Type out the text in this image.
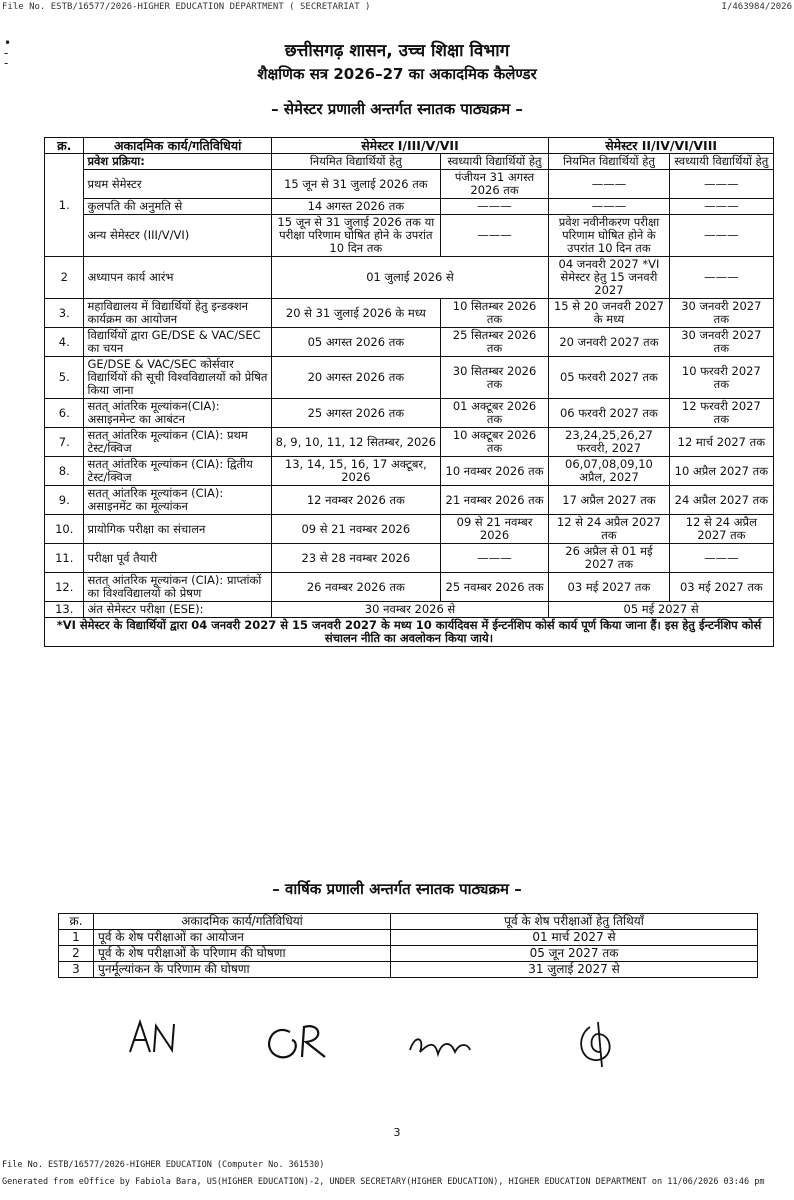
File No. ESTB/16577/2026-HIGHER EDUCATION DEPARTMENT ( SECRETARIAT )	I/463984/2026
•
-
-
छत्तीसगढ़ शासन, उच्च शिक्षा विभाग
शैक्षणिक सत्र 2026–27 का अकादमिक कैलेण्डर
– सेमेस्टर प्रणाली अन्तर्गत स्नातक पाठ्यक्रम –
क्र.	अकादमिक कार्य/गतिविधियां	सेमेस्टर I/III/V/VII		सेमेस्टर II/IV/VI/VIII	
1.	प्रवेश प्रक्रिया:	नियमित विद्यार्थियों हेतु	स्वध्यायी विद्यार्थियों हेतु	नियमित विद्यार्थियों हेतु	स्वध्यायी विद्यार्थियों हेतु
	प्रथम सेमेस्टर	15 जून से 31 जुलाई 2026 तक	पंजीयन 31 अगस्त 2026 तक	———	———
	कुलपति की अनुमति से	14 अगस्त 2026 तक	———	———	———
	अन्य सेमेस्टर (III/V/VI)	15 जून से 31 जुलाई 2026 तक या परीक्षा परिणाम घोषित होने के उपरांत 10 दिन तक	———	प्रवेश नवीनीकरण परीक्षा परिणाम घोषित होने के उपरांत 10 दिन तक	———
2	अध्यापन कार्य आरंभ	01 जुलाई 2026 से		04 जनवरी 2027 *VI सेमेस्टर हेतु 15 जनवरी 2027	———
3.	महाविद्यालय में विद्यार्थियों हेतु इन्डक्शन कार्यक्रम का आयोजन	20 से 31 जुलाई 2026 के मध्य	10 सितम्बर 2026 तक	15 से 20 जनवरी 2027 के मध्य	30 जनवरी 2027 तक
4.	विद्यार्थियों द्वारा GE/DSE & VAC/SEC का चयन	05 अगस्त 2026 तक	25 सितम्बर 2026 तक	20 जनवरी 2027 तक	30 जनवरी 2027 तक
5.	GE/DSE & VAC/SEC कोर्सवार विद्यार्थियों की सूची विश्वविद्यालयों को प्रेषित किया जाना	20 अगस्त 2026 तक	30 सितम्बर 2026 तक	05 फरवरी 2027 तक	10 फरवरी 2027 तक
6.	सतत् आंतरिक मूल्यांकन(CIA): असाइनमेन्ट का आबंटन	25 अगस्त 2026 तक	01 अक्टूबर 2026 तक	06 फरवरी 2027 तक	12 फरवरी 2027 तक
7.	सतत् आंतरिक मूल्यांकन (CIA): प्रथम टेस्ट/क्विज	8, 9, 10, 11, 12 सितम्बर, 2026	10 अक्टूबर 2026 तक	23,24,25,26,27 फरवरी, 2027	12 मार्च 2027 तक
8.	सतत् आंतरिक मूल्यांकन (CIA): द्वितीय टेस्ट/क्विज	13, 14, 15, 16, 17 अक्टूबर, 2026	10 नवम्बर 2026 तक	06,07,08,09,10 अप्रैल, 2027	10 अप्रैल 2027 तक
9.	सतत् आंतरिक मूल्यांकन (CIA): असाइनमेंट का मूल्यांकन	12 नवम्बर 2026 तक	21 नवम्बर 2026 तक	17 अप्रैल 2027 तक	24 अप्रैल 2027 तक
10.	प्रायोगिक परीक्षा का संचालन	09 से 21 नवम्बर 2026	09 से 21 नवम्बर 2026	12 से 24 अप्रैल 2027 तक	12 से 24 अप्रैल 2027 तक
11.	परीक्षा पूर्व तैयारी	23 से 28 नवम्बर 2026	———	26 अप्रैल से 01 मई 2027 तक	———
12.	सतत् आंतरिक मूल्यांकन (CIA): प्राप्तांकों का विश्वविद्यालयों को प्रेषण	26 नवम्बर 2026 तक	25 नवम्बर 2026 तक	03 मई 2027 तक	03 मई 2027 तक
13.	अंत सेमेस्टर परीक्षा (ESE):	30 नवम्बर 2026 से		05 मई 2027 से	
*VI सेमेस्टर के विद्यार्थियों द्वारा 04 जनवरी 2027 से 15 जनवरी 2027 के मध्य 10 कार्यदिवस में ईन्टर्नशिप कोर्स कार्य पूर्ण किया जाना हैं। इस हेतु ईन्टर्नशिप कोर्स संचालन नीति का अवलोकन किया जाये।					
– वार्षिक प्रणाली अन्तर्गत स्नातक पाठ्यक्रम –
क्र.	अकादमिक कार्य/गतिविधियां	पूर्व के शेष परीक्षाओं हेतु तिथियॉं
1	पूर्व के शेष परीक्षाओं का आयोजन	01 मार्च 2027 से
2	पूर्व के शेष परीक्षाओं के परिणाम की घोषणा	05 जून 2027 तक
3	पुनर्मूल्यांकन के परिणाम की घोषणा	31 जुलाई 2027 से
3
File No. ESTB/16577/2026-HIGHER EDUCATION (Computer No. 361530)
Generated from eOffice by Fabiola Bara, US(HIGHER EDUCATION)-2, UNDER SECRETARY(HIGHER EDUCATION), HIGHER EDUCATION DEPARTMENT on 11/06/2026 03:46 pm
